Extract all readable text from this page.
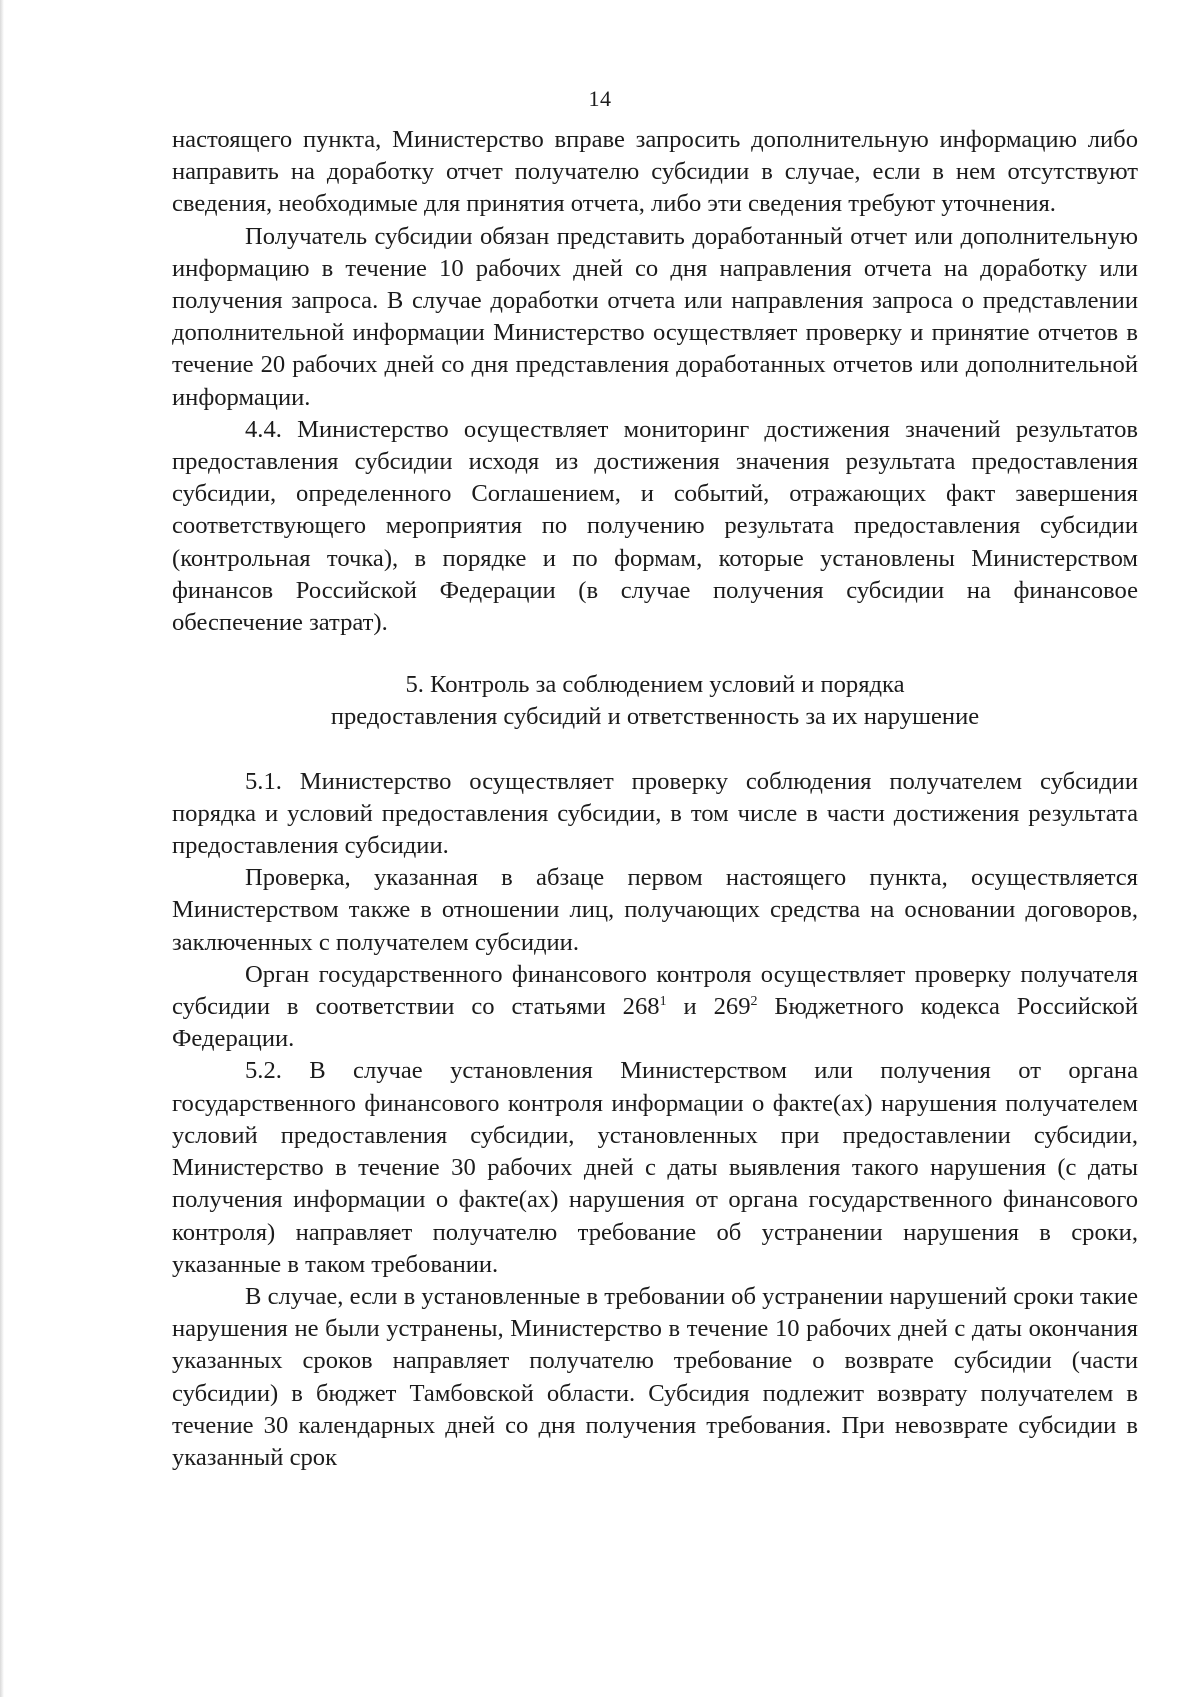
14

настоящего пункта, Министерство вправе запросить дополнительную информацию либо направить на доработку отчет получателю субсидии в случае, если в нем отсутствуют сведения, необходимые для принятия отчета, либо эти сведения требуют уточнения.

Получатель субсидии обязан представить доработанный отчет или дополнительную информацию в течение 10 рабочих дней со дня направления отчета на доработку или получения запроса. В случае доработки отчета или направления запроса о представлении дополнительной информации Министерство осуществляет проверку и принятие отчетов в течение 20 рабочих дней со дня представления доработанных отчетов или дополнительной информации.

4.4. Министерство осуществляет мониторинг достижения значений результатов предоставления субсидии исходя из достижения значения результата предоставления субсидии, определенного Соглашением, и событий, отражающих факт завершения соответствующего мероприятия по получению результата предоставления субсидии (контрольная точка), в порядке и по формам, которые установлены Министерством финансов Российской Федерации (в случае получения субсидии на финансовое обеспечение затрат).

5. Контроль за соблюдением условий и порядка
предоставления субсидий и ответственность за их нарушение

5.1. Министерство осуществляет проверку соблюдения получателем субсидии порядка и условий предоставления субсидии, в том числе в части достижения результата предоставления субсидии.

Проверка, указанная в абзаце первом настоящего пункта, осуществляется Министерством также в отношении лиц, получающих средства на основании договоров, заключенных с получателем субсидии.

Орган государственного финансового контроля осуществляет проверку получателя субсидии в соответствии со статьями $268^1$ и $269^2$ Бюджетного кодекса Российской Федерации.

5.2. В случае установления Министерством или получения от органа государственного финансового контроля информации о факте(ах) нарушения получателем условий предоставления субсидии, установленных при предоставлении субсидии, Министерство в течение 30 рабочих дней с даты выявления такого нарушения (с даты получения информации о факте(ах) нарушения от органа государственного финансового контроля) направляет получателю требование об устранении нарушения в сроки, указанные в таком требовании.

В случае, если в установленные в требовании об устранении нарушений сроки такие нарушения не были устранены, Министерство в течение 10 рабочих дней с даты окончания указанных сроков направляет получателю требование о возврате субсидии (части субсидии) в бюджет Тамбовской области. Субсидия подлежит возврату получателем в течение 30 календарных дней со дня получения требования. При невозврате субсидии в указанный срок
